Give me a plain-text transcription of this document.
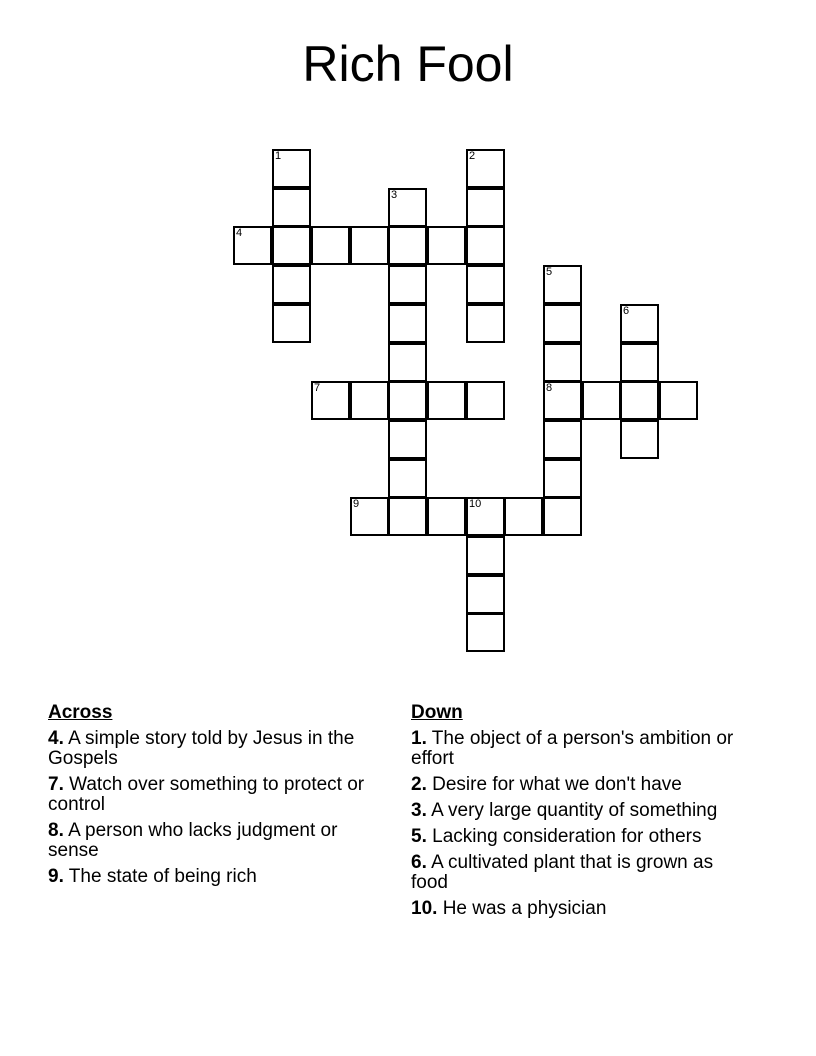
Rich Fool
1	2
3
4
5
6
7	8
9	10
Across
4. A simple story told by Jesus in the Gospels
7. Watch over something to protect or control
8. A person who lacks judgment or sense
9. The state of being rich
Down
1. The object of a person's ambition or effort
2. Desire for what we don't have
3. A very large quantity of something
5. Lacking consideration for others
6. A cultivated plant that is grown as food
10. He was a physician
